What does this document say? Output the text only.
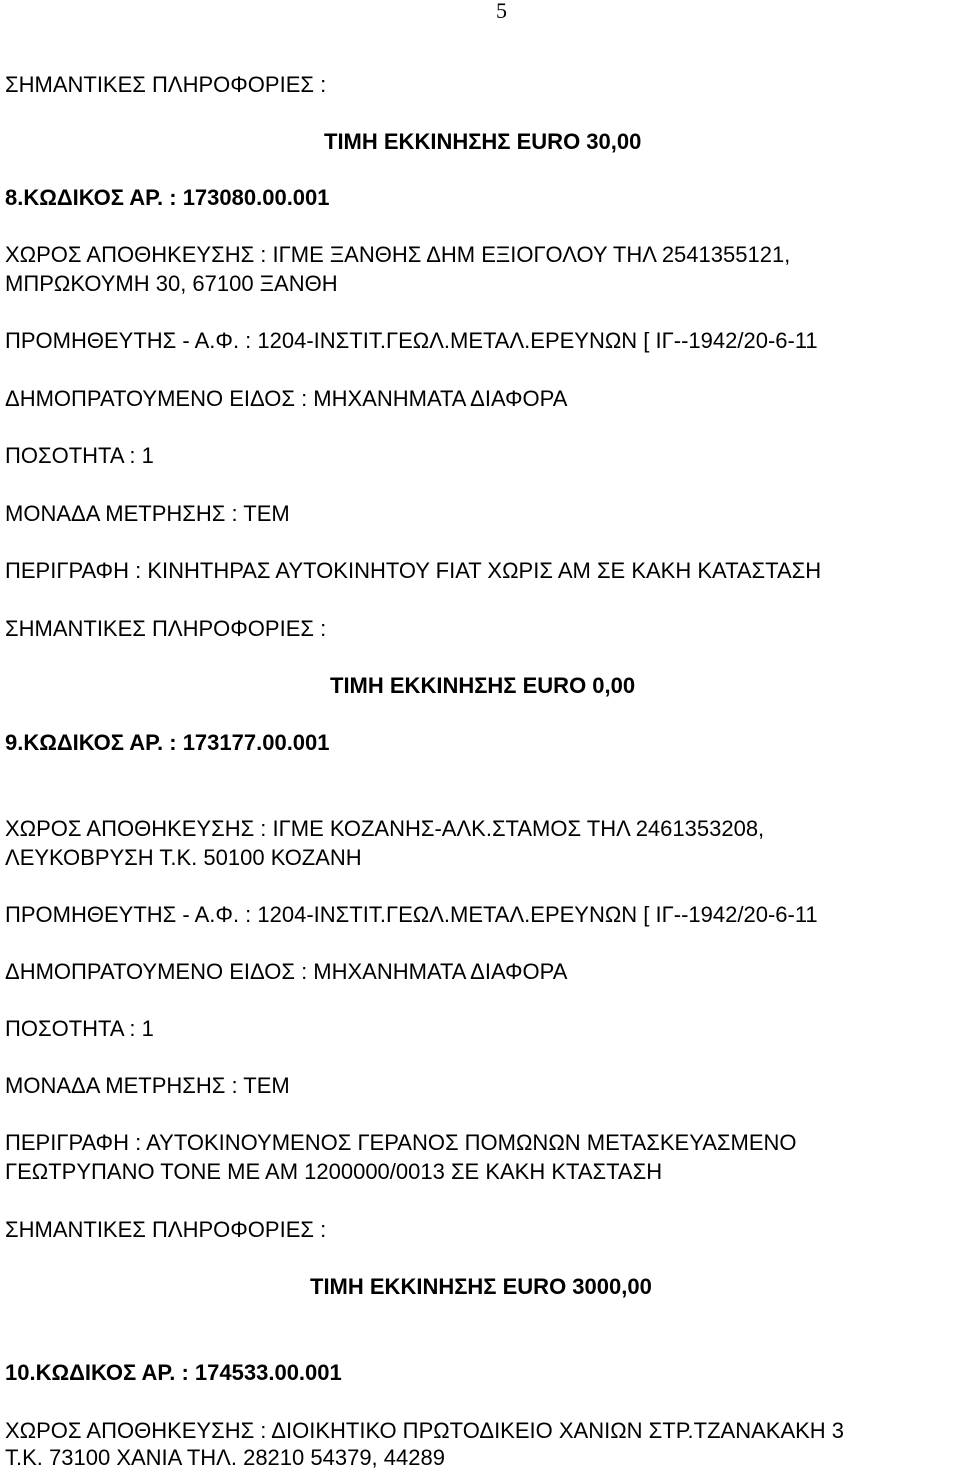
5
ΣΗΜΑΝΤΙΚΕΣ ΠΛΗΡΟΦΟΡΙΕΣ :
ΤΙΜΗ ΕΚΚΙΝΗΣΗΣ EURO 30,00
8.ΚΩΔΙΚΟΣ ΑΡ. : 173080.00.001
ΧΩΡΟΣ ΑΠΟΘΗΚΕΥΣΗΣ : ΙΓΜΕ ΞΑΝΘΗΣ ΔΗΜ ΕΞΙΟΓΟΛΟΥ ΤΗΛ 2541355121,
ΜΠΡΩΚΟΥΜΗ 30, 67100 ΞΑΝΘΗ
ΠΡΟΜΗΘΕΥΤΗΣ - Α.Φ. : 1204-ΙΝΣΤΙΤ.ΓΕΩΛ.ΜΕΤΑΛ.ΕΡΕΥΝΩΝ [ ΙΓ--1942/20-6-11
ΔΗΜΟΠΡΑΤΟΥΜΕΝΟ ΕΙΔΟΣ : ΜΗΧΑΝΗΜΑΤΑ ΔΙΑΦΟΡΑ
ΠΟΣΟΤΗΤΑ : 1
ΜΟΝΑΔΑ ΜΕΤΡΗΣΗΣ : ΤΕΜ
ΠΕΡΙΓΡΑΦΗ : ΚΙΝΗΤΗΡΑΣ ΑΥΤΟΚΙΝΗΤΟΥ FIAT ΧΩΡΙΣ ΑΜ ΣΕ ΚΑΚΗ ΚΑΤΑΣΤΑΣΗ
ΣΗΜΑΝΤΙΚΕΣ ΠΛΗΡΟΦΟΡΙΕΣ :
ΤΙΜΗ ΕΚΚΙΝΗΣΗΣ EURO 0,00
9.ΚΩΔΙΚΟΣ ΑΡ. : 173177.00.001
ΧΩΡΟΣ ΑΠΟΘΗΚΕΥΣΗΣ : ΙΓΜΕ ΚΟΖΑΝΗΣ-ΑΛΚ.ΣΤΑΜΟΣ ΤΗΛ 2461353208,
ΛΕΥΚΟΒΡΥΣΗ Τ.Κ. 50100 ΚΟΖΑΝΗ
ΠΡΟΜΗΘΕΥΤΗΣ - Α.Φ. : 1204-ΙΝΣΤΙΤ.ΓΕΩΛ.ΜΕΤΑΛ.ΕΡΕΥΝΩΝ [ ΙΓ--1942/20-6-11
ΔΗΜΟΠΡΑΤΟΥΜΕΝΟ ΕΙΔΟΣ : ΜΗΧΑΝΗΜΑΤΑ ΔΙΑΦΟΡΑ
ΠΟΣΟΤΗΤΑ : 1
ΜΟΝΑΔΑ ΜΕΤΡΗΣΗΣ : ΤΕΜ
ΠΕΡΙΓΡΑΦΗ : ΑΥΤΟΚΙΝΟΥΜΕΝΟΣ ΓΕΡΑΝΟΣ ΠΟΜΩΝΩΝ ΜΕΤΑΣΚΕΥΑΣΜΕΝΟ
ΓΕΩΤΡΥΠΑΝΟ ΤΟΝΕ ΜΕ ΑΜ 1200000/0013 ΣΕ ΚΑΚΗ ΚΤΑΣΤΑΣΗ
ΣΗΜΑΝΤΙΚΕΣ ΠΛΗΡΟΦΟΡΙΕΣ :
ΤΙΜΗ ΕΚΚΙΝΗΣΗΣ EURO 3000,00
10.ΚΩΔΙΚΟΣ ΑΡ. : 174533.00.001
ΧΩΡΟΣ ΑΠΟΘΗΚΕΥΣΗΣ : ΔΙΟΙΚΗΤΙΚΟ ΠΡΩΤΟΔΙΚΕΙΟ ΧΑΝΙΩΝ ΣΤΡ.ΤΖΑΝΑΚΑΚΗ 3
Τ.Κ. 73100 ΧΑΝΙΑ ΤΗΛ. 28210 54379, 44289
